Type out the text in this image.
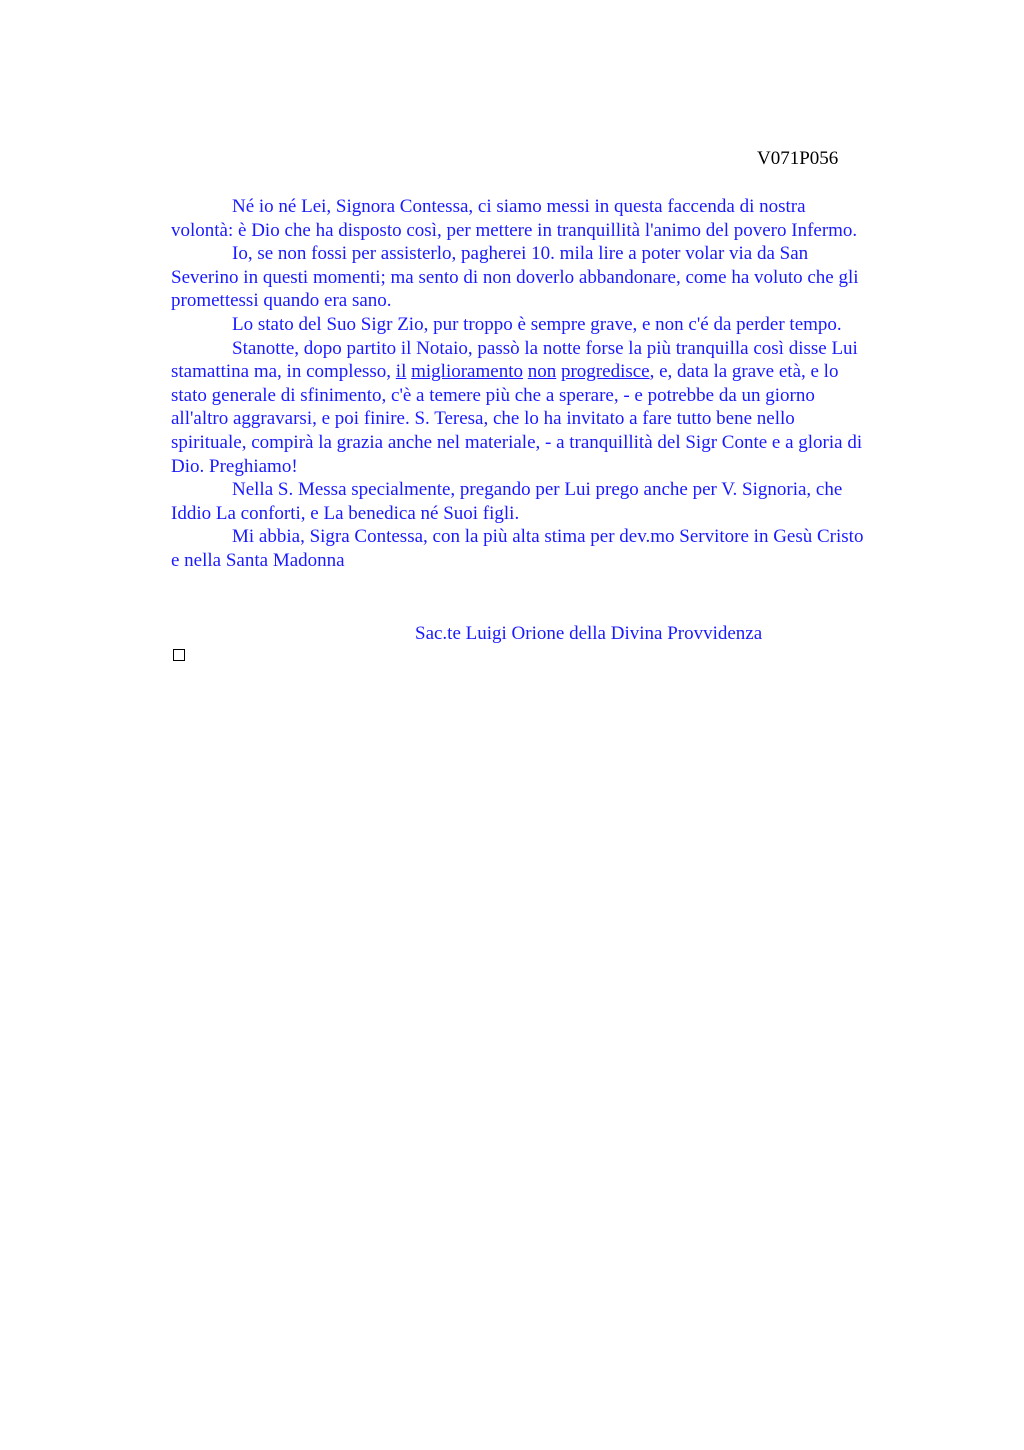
V071P056

Né io né Lei, Signora Contessa, ci siamo messi in questa faccenda di nostra
volontà: è Dio che ha disposto così, per mettere in tranquillità l'animo del povero Infermo.

Io, se non fossi per assisterlo, pagherei 10. mila lire a poter volar via da San
Severino in questi momenti; ma sento di non doverlo abbandonare, come ha voluto che gli
promettessi quando era sano.

Lo stato del Suo Sigr Zio, pur troppo è sempre grave, e non c'é da perder tempo.

Stanotte, dopo partito il Notaio, passò la notte forse la più tranquilla così disse Lui
stamattina ma, in complesso, il miglioramento non progredisce, e, data la grave età, e lo
stato generale di sfinimento, c'è a temere più che a sperare, - e potrebbe da un giorno
all'altro aggravarsi, e poi finire. S. Teresa, che lo ha invitato a fare tutto bene nello
spirituale, compirà la grazia anche nel materiale, - a tranquillità del Sigr Conte e a gloria di
Dio. Preghiamo!

Nella S. Messa specialmente, pregando per Lui prego anche per V. Signoria, che
Iddio La conforti, e La benedica né Suoi figli.

Mi abbia, Sigra Contessa, con la più alta stima per dev.mo Servitore in Gesù Cristo
e nella Santa Madonna

Sac.te Luigi Orione della Divina Provvidenza
